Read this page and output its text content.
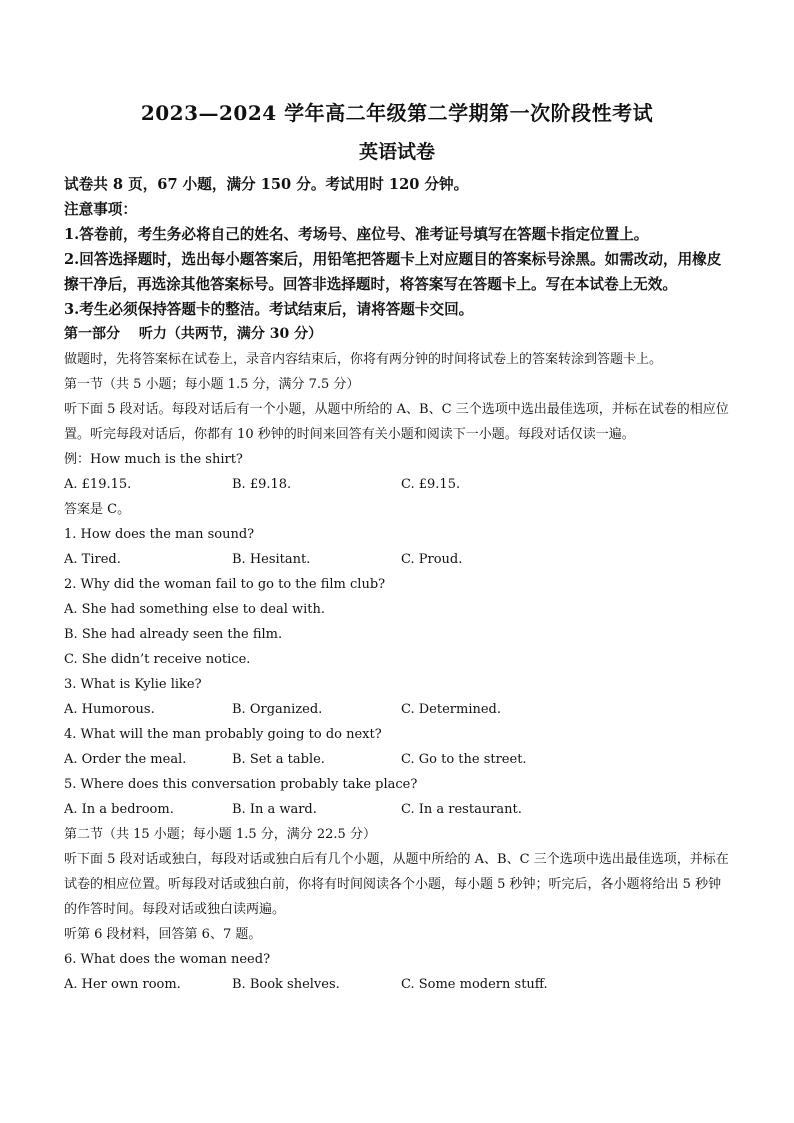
2023—2024 学年高二年级第二学期第一次阶段性考试
英语试卷

试卷共 8 页，67 小题，满分 150 分。考试用时 120 分钟。

注意事项：

1.答卷前，考生务必将自己的姓名、考场号、座位号、准考证号填写在答题卡指定位置上。

2.回答选择题时，选出每小题答案后，用铅笔把答题卡上对应题目的答案标号涂黑。如需改动，用橡皮擦干净后，再选涂其他答案标号。回答非选择题时，将答案写在答题卡上。写在本试卷上无效。

3.考生必须保持答题卡的整洁。考试结束后，请将答题卡交回。

第一部分　 听力（共两节，满分 30 分）

做题时，先将答案标在试卷上，录音内容结束后，你将有两分钟的时间将试卷上的答案转涂到答题卡上。

第一节（共 5 小题；每小题 1.5 分，满分 7.5 分）

听下面 5 段对话。每段对话后有一个小题，从题中所给的 A、B、C 三个选项中选出最佳选项，并标在试卷的相应位置。听完每段对话后，你都有 10 秒钟的时间来回答有关小题和阅读下一小题。每段对话仅读一遍。

例：How much is the shirt?

A. £19.15.	B. £9.18.	C. £9.15.

答案是 C。

1. How does the man sound?

A. Tired.	B. Hesitant.	C. Proud.

2. Why did the woman fail to go to the film club?

A. She had something else to deal with.

B. She had already seen the film.

C. She didn’t receive notice.

3. What is Kylie like?

A. Humorous.	B. Organized.	C. Determined.

4. What will the man probably going to do next?

A. Order the meal.	B. Set a table.	C. Go to the street.

5. Where does this conversation probably take place?

A. In a bedroom.	B. In a ward.	C. In a restaurant.

第二节（共 15 小题；每小题 1.5 分，满分 22.5 分）

听下面 5 段对话或独白，每段对话或独白后有几个小题，从题中所给的 A、B、C 三个选项中选出最佳选项，并标在试卷的相应位置。听每段对话或独白前，你将有时间阅读各个小题，每小题 5 秒钟；听完后，各小题将给出 5 秒钟的作答时间。每段对话或独白读两遍。

听第 6 段材料，回答第 6、7 题。

6. What does the woman need?

A. Her own room.	B. Book shelves.	C. Some modern stuff.
